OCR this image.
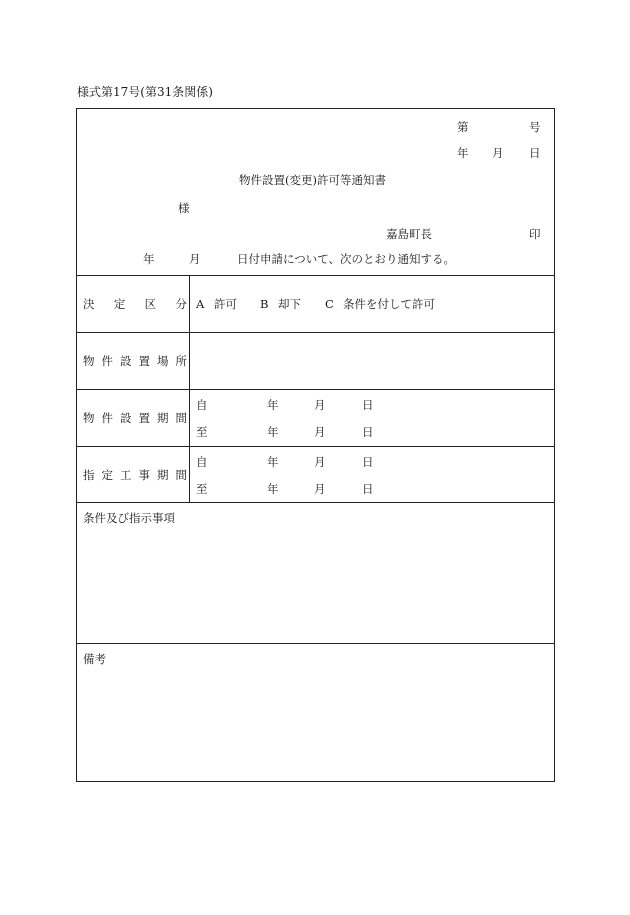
様式第17号(第31条関係)
第	号
年 月 日
物件設置(変更)許可等通知書
様
嘉島町長	印
年	月	日付申請について、次のとおり通知する。
決 定 区 分 A 許可 B 却下 C 条件を付して許可
物 件 設 置 場 所
物 件 設 置 期 間
自	年	月	日
至	年	月	日
指 定 工 事 期 間
自	年	月	日
至	年	月	日
条件及び指示事項
備考
